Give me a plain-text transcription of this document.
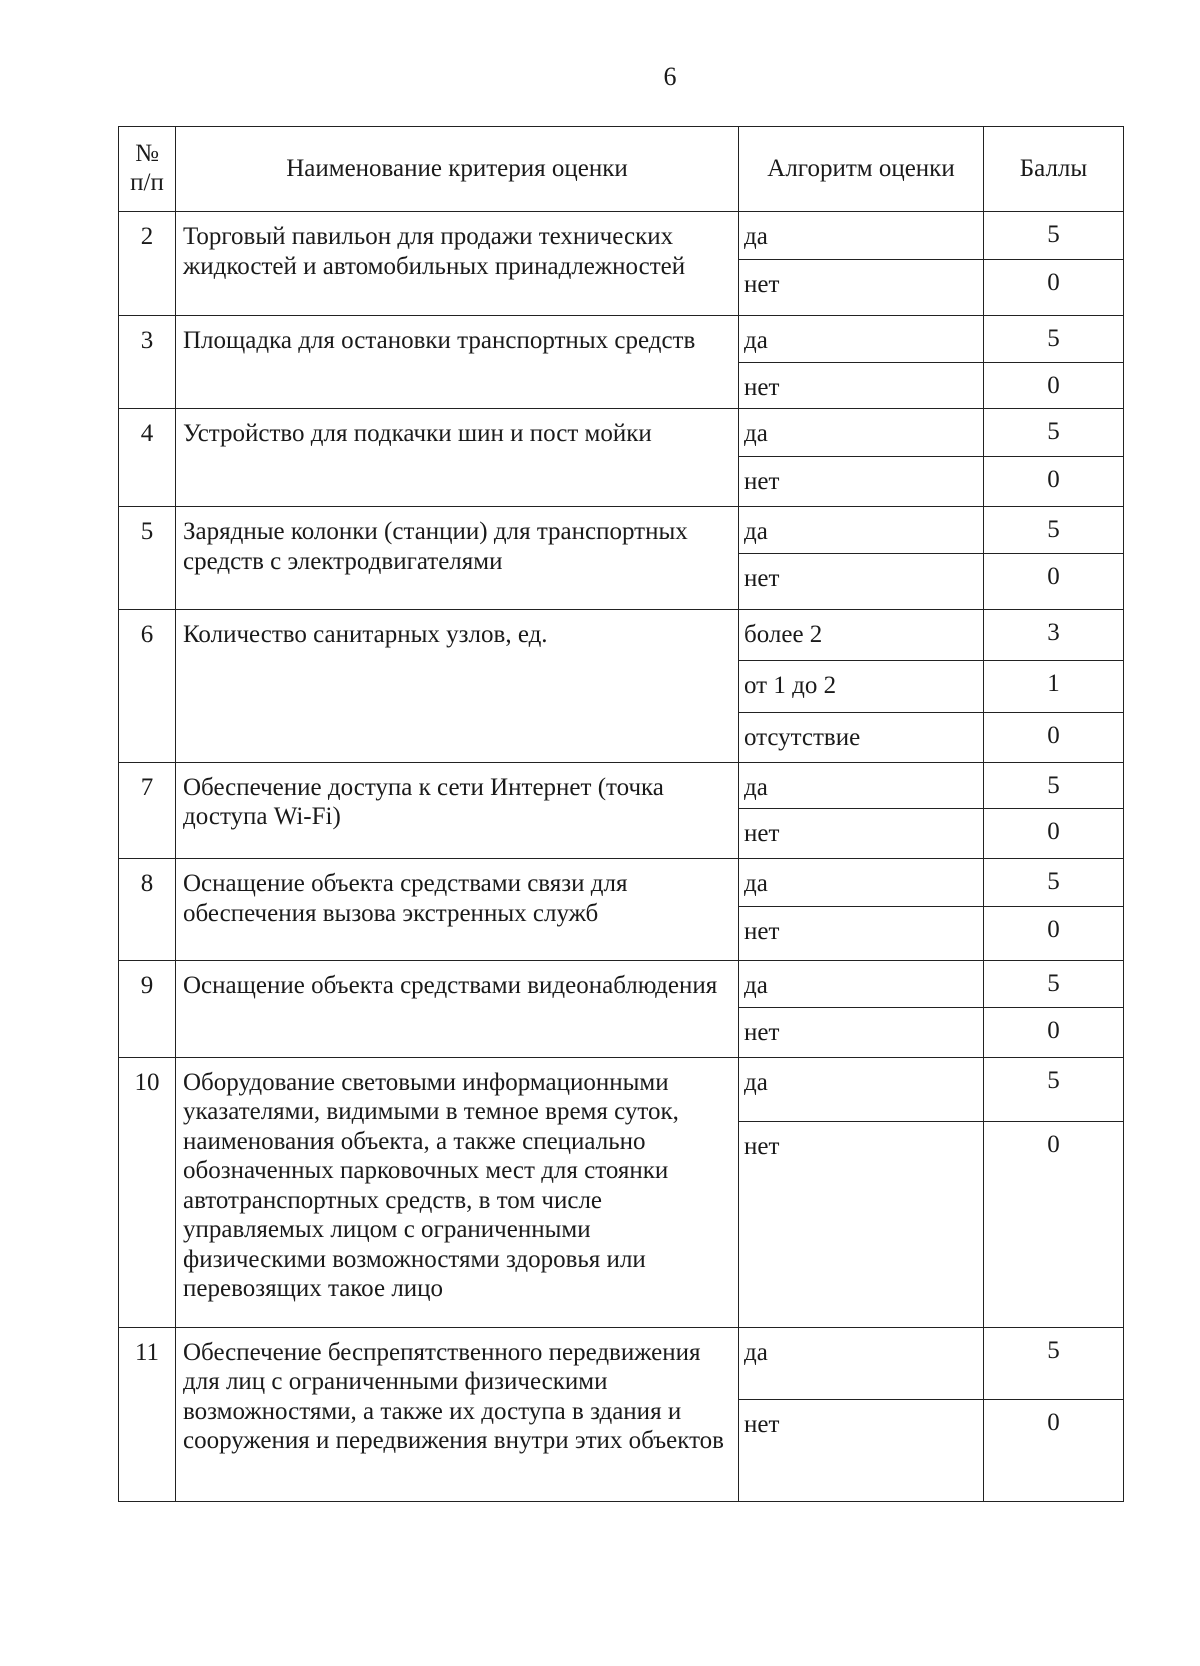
6
№ п/п	Наименование критерия оценки	Алгоритм оценки	Баллы
2	Торговый павильон для продажи технических жидкостей и автомобильных принадлежностей	да	5
		нет	0
3	Площадка для остановки транспортных средств	да	5
		нет	0
4	Устройство для подкачки шин и пост мойки	да	5
		нет	0
5	Зарядные колонки (станции) для транспортных средств с электродвигателями	да	5
		нет	0
6	Количество санитарных узлов, ед.	более 2	3
		от 1 до 2	1
		отсутствие	0
7	Обеспечение доступа к сети Интернет (точка доступа Wi-Fi)	да	5
		нет	0
8	Оснащение объекта средствами связи для обеспечения вызова экстренных служб	да	5
		нет	0
9	Оснащение объекта средствами видеонаблюдения	да	5
		нет	0
10	Оборудование световыми информационными указателями, видимыми в темное время суток, наименования объекта, а также специально обозначенных парковочных мест для стоянки автотранспортных средств, в том числе управляемых лицом с ограниченными физическими возможностями здоровья или перевозящих такое лицо	да	5
		нет	0
11	Обеспечение беспрепятственного передвижения для лиц с ограниченными физическими возможностями, а также их доступа в здания и сооружения и передвижения внутри этих объектов	да	5
		нет	0
